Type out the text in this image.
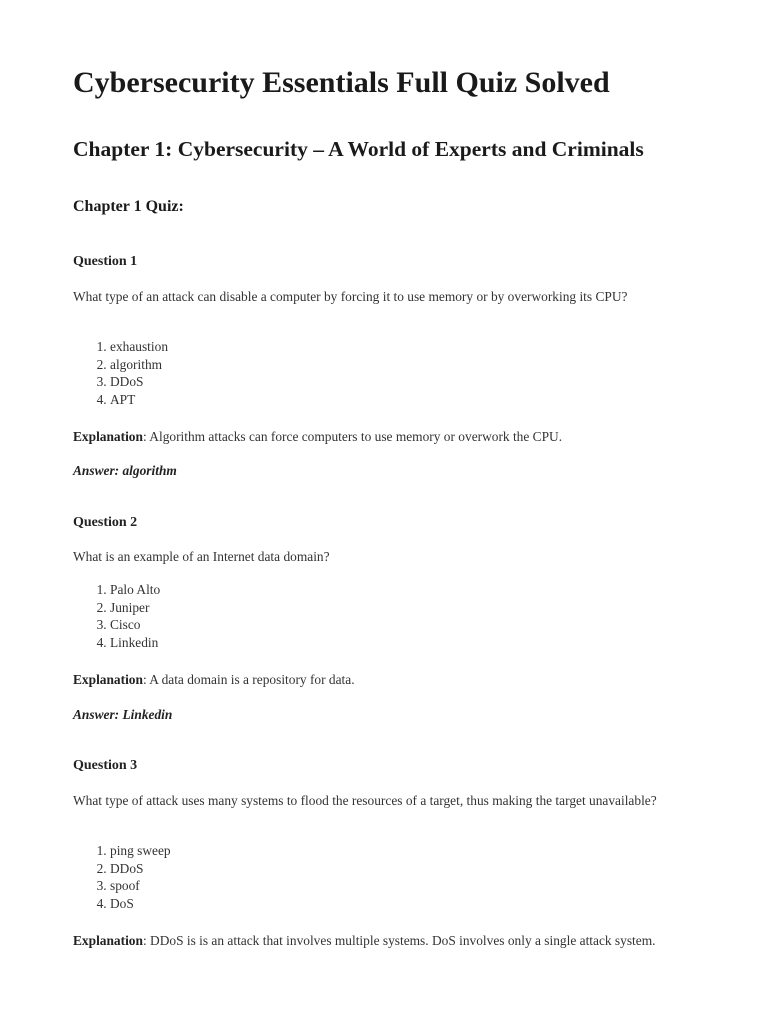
Cybersecurity Essentials Full Quiz Solved
Chapter 1: Cybersecurity – A World of Experts and Criminals
Chapter 1 Quiz:

Question 1

What type of an attack can disable a computer by forcing it to use memory or by overworking its CPU?

1. exhaustion
2. algorithm
3. DDoS
4. APT

Explanation: Algorithm attacks can force computers to use memory or overwork the CPU.

Answer: algorithm

Question 2

What is an example of an Internet data domain?

1. Palo Alto
2. Juniper
3. Cisco
4. Linkedin

Explanation: A data domain is a repository for data.

Answer: Linkedin

Question 3

What type of attack uses many systems to flood the resources of a target, thus making the target unavailable?

1. ping sweep
2. DDoS
3. spoof
4. DoS

Explanation: DDoS is is an attack that involves multiple systems. DoS involves only a single attack system.
